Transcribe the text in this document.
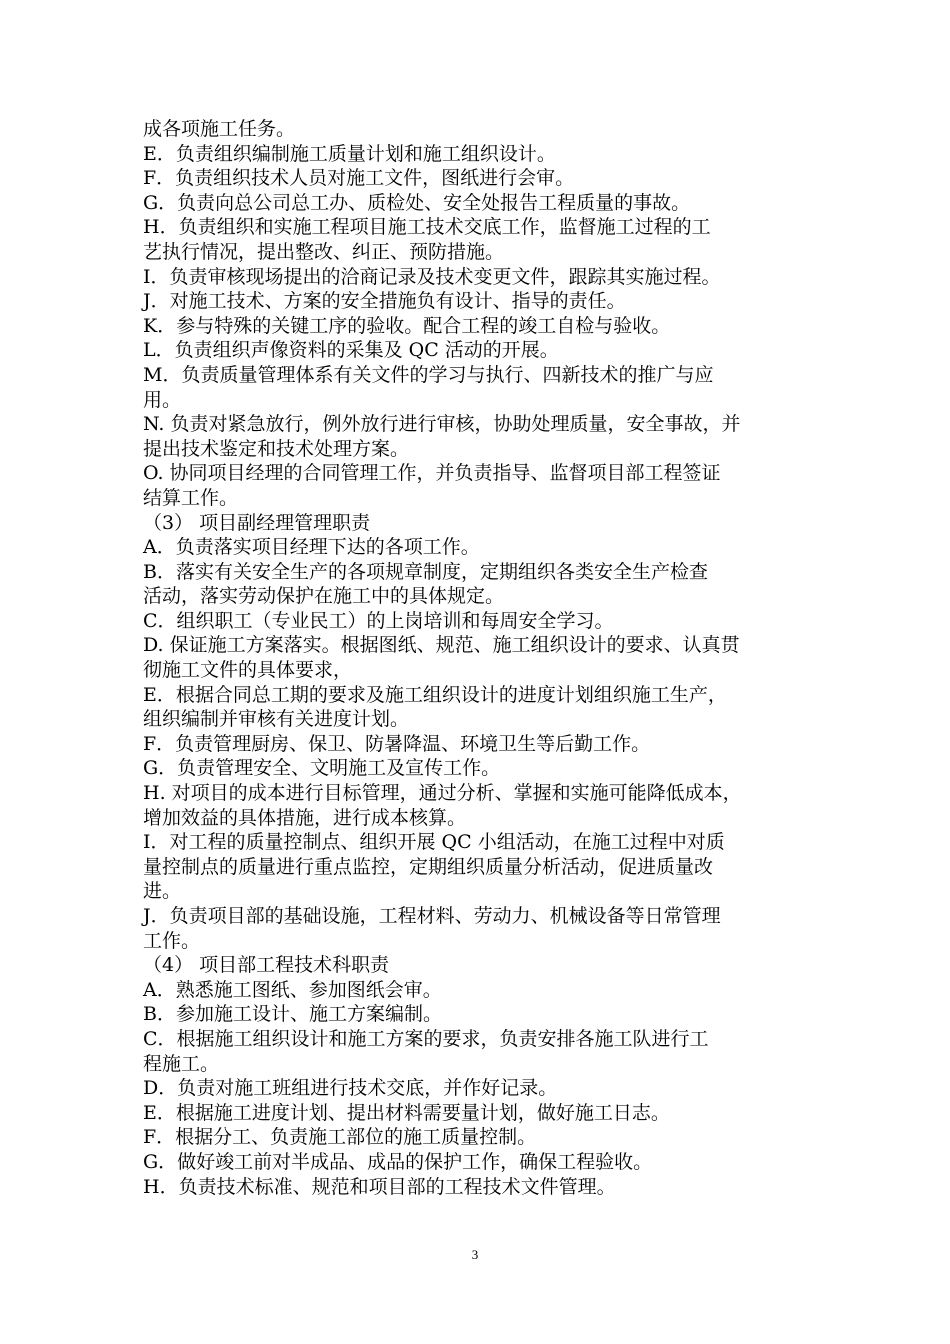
成各项施工任务。
E．负责组织编制施工质量计划和施工组织设计。
F．负责组织技术人员对施工文件，图纸进行会审。
G．负责向总公司总工办、质检处、安全处报告工程质量的事故。
H．负责组织和实施工程项目施工技术交底工作，监督施工过程的工
艺执行情况，提出整改、纠正、预防措施。
I．负责审核现场提出的洽商记录及技术变更文件，跟踪其实施过程。
J．对施工技术、方案的安全措施负有设计、指导的责任。
K．参与特殊的关键工序的验收。配合工程的竣工自检与验收。
L．负责组织声像资料的采集及 QC 活动的开展。
M．负责质量管理体系有关文件的学习与执行、四新技术的推广与应
用。
N. 负责对紧急放行，例外放行进行审核，协助处理质量，安全事故，并
提出技术鉴定和技术处理方案。
O. 协同项目经理的合同管理工作，并负责指导、监督项目部工程签证
结算工作。
（3） 项目副经理管理职责
A．负责落实项目经理下达的各项工作。
B．落实有关安全生产的各项规章制度，定期组织各类安全生产检查
活动，落实劳动保护在施工中的具体规定。
C．组织职工（专业民工）的上岗培训和每周安全学习。
D. 保证施工方案落实。根据图纸、规范、施工组织设计的要求、认真贯
彻施工文件的具体要求，
E．根据合同总工期的要求及施工组织设计的进度计划组织施工生产，
组织编制并审核有关进度计划。
F．负责管理厨房、保卫、防暑降温、环境卫生等后勤工作。
G．负责管理安全、文明施工及宣传工作。
H. 对项目的成本进行目标管理，通过分析、掌握和实施可能降低成本，
增加效益的具体措施，进行成本核算。
I．对工程的质量控制点、组织开展 QC 小组活动，在施工过程中对质
量控制点的质量进行重点监控，定期组织质量分析活动，促进质量改
进。
J．负责项目部的基础设施，工程材料、劳动力、机械设备等日常管理
工作。
（4） 项目部工程技术科职责
A．熟悉施工图纸、参加图纸会审。
B．参加施工设计、施工方案编制。
C．根据施工组织设计和施工方案的要求，负责安排各施工队进行工
程施工。
D．负责对施工班组进行技术交底，并作好记录。
E．根据施工进度计划、提出材料需要量计划，做好施工日志。
F．根据分工、负责施工部位的施工质量控制。
G．做好竣工前对半成品、成品的保护工作，确保工程验收。
H．负责技术标准、规范和项目部的工程技术文件管理。
3
